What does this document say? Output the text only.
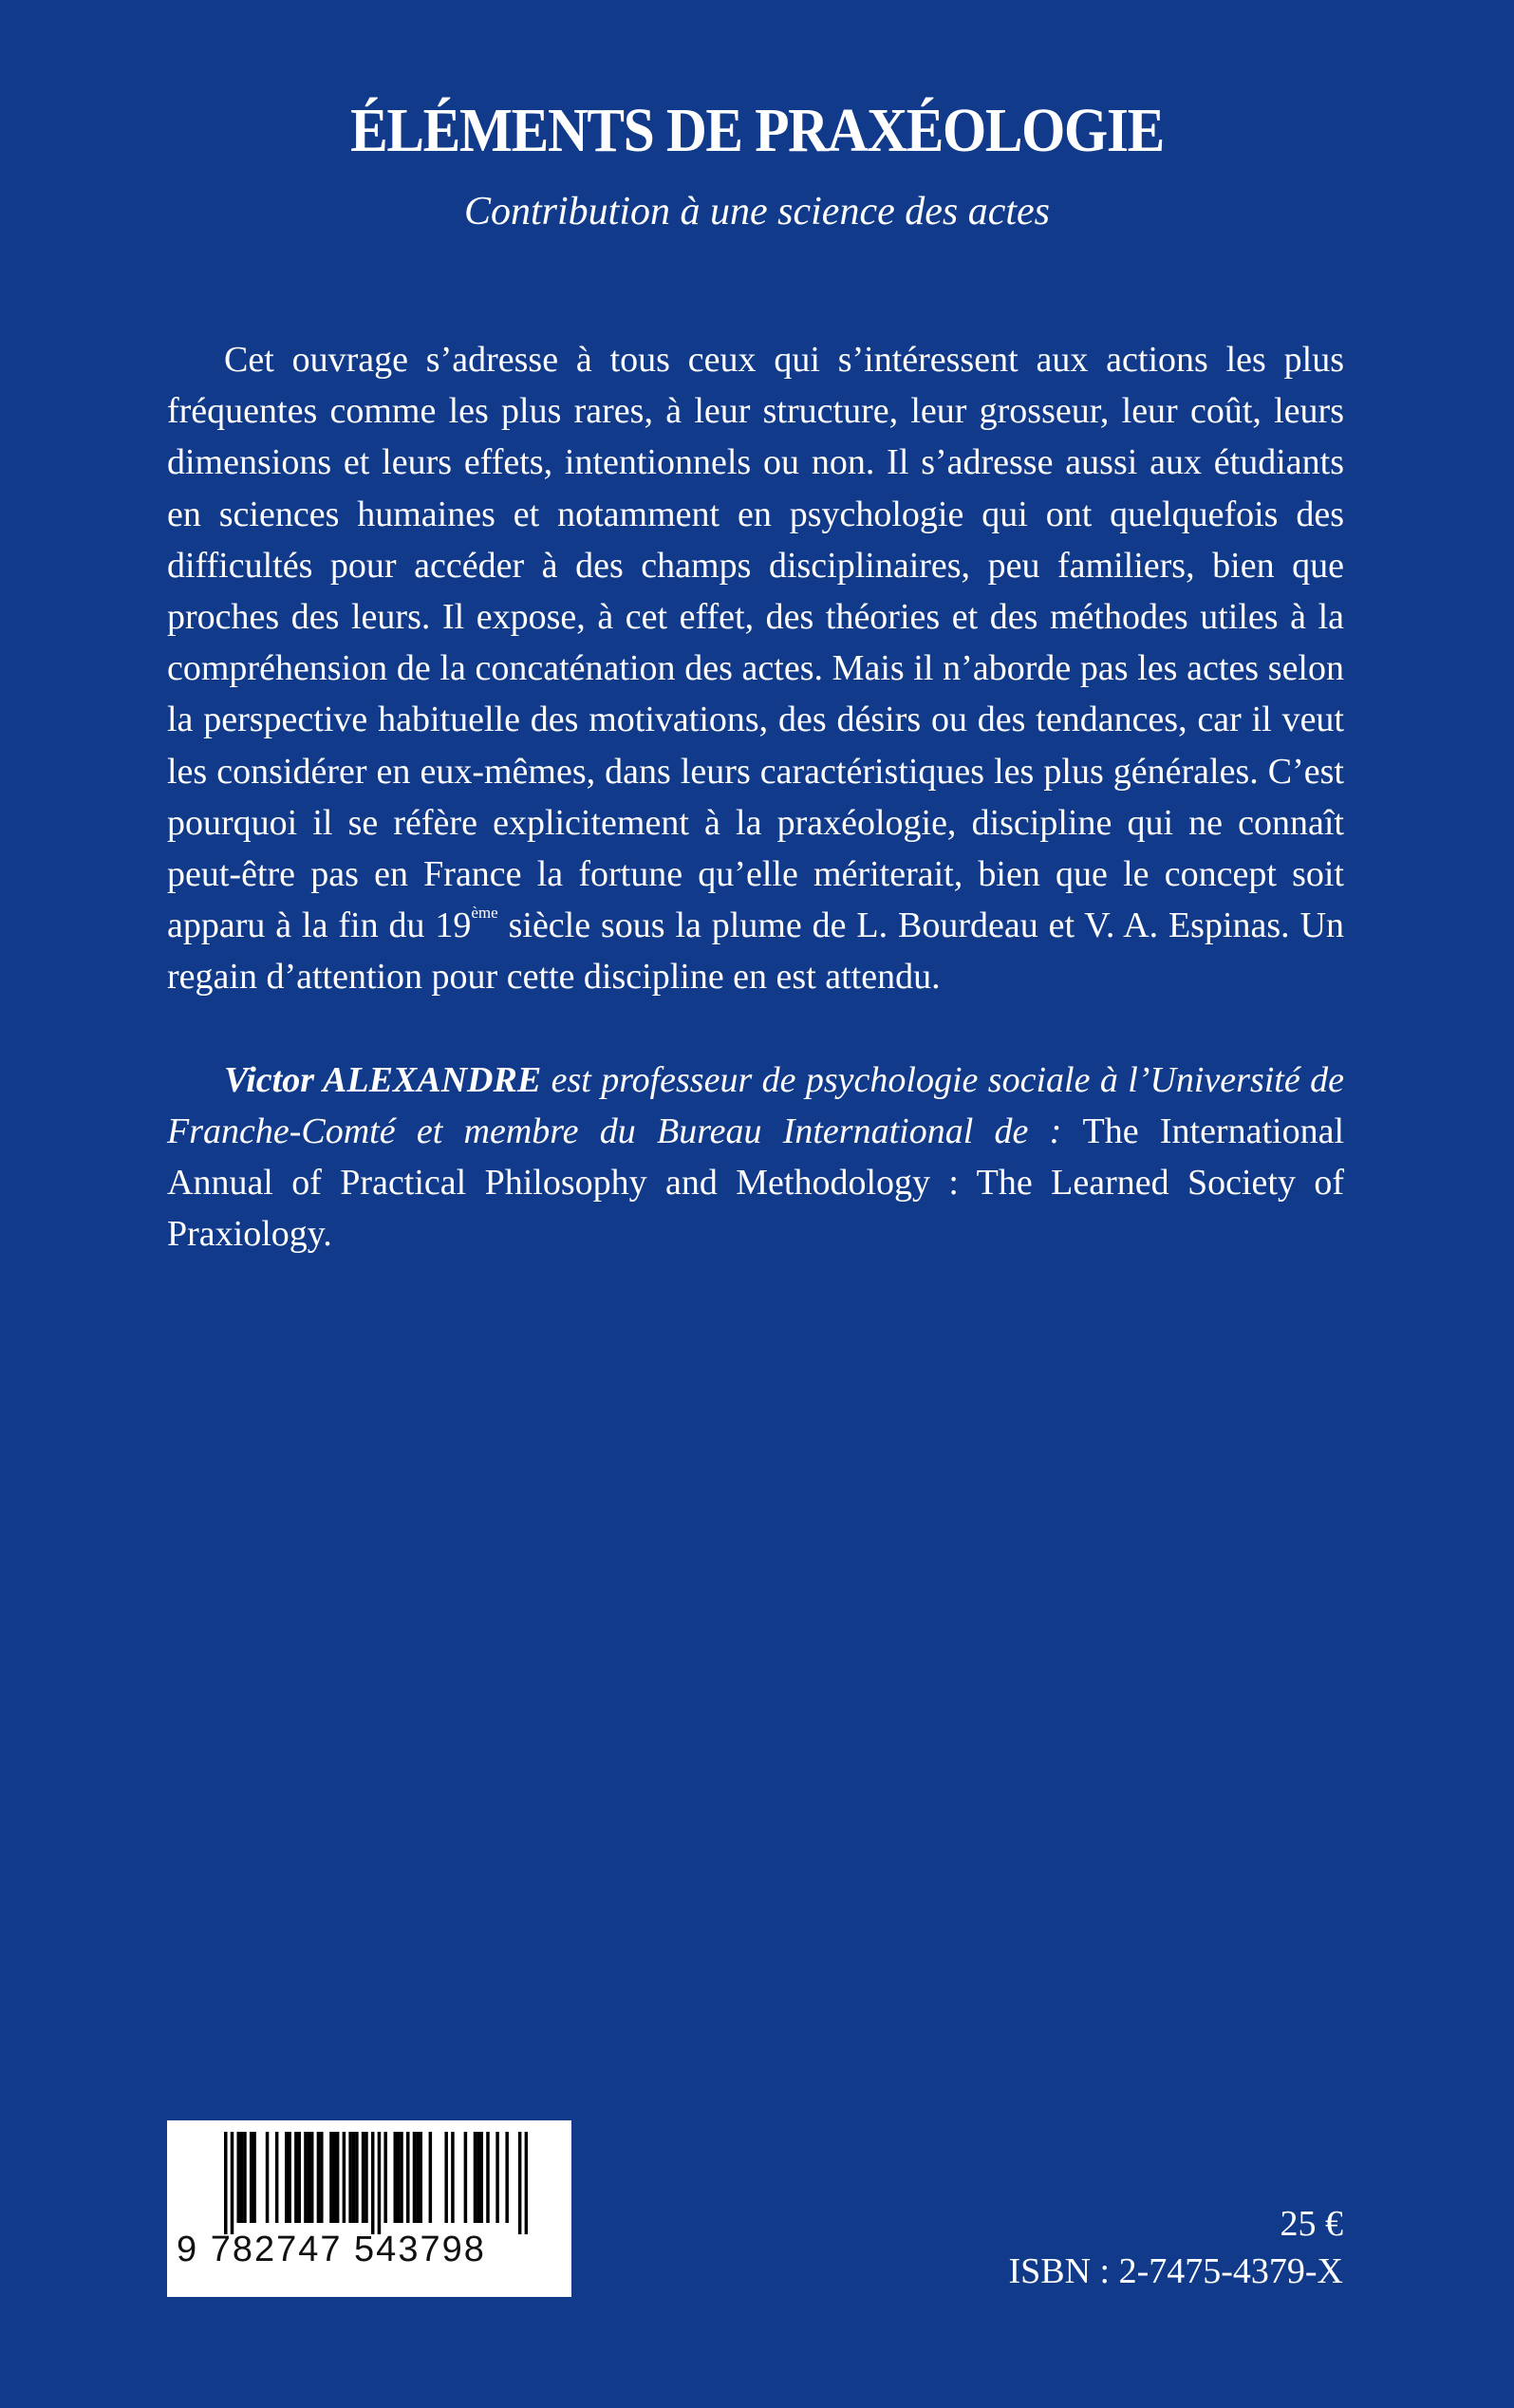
ÉLÉMENTS DE PRAXÉOLOGIE
Contribution à une science des actes

Cet ouvrage s’adresse à tous ceux qui s’intéressent aux actions les plus fréquentes comme les plus rares, à leur structure, leur grosseur, leur coût, leurs dimensions et leurs effets, intentionnels ou non. Il s’adresse aussi aux étudiants en sciences humaines et notamment en psychologie qui ont quelquefois des difficultés pour accéder à des champs disciplinaires, peu familiers, bien que proches des leurs. Il expose, à cet effet, des théories et des méthodes utiles à la compréhension de la concaténation des actes. Mais il n’aborde pas les actes selon la perspective habituelle des motivations, des désirs ou des tendances, car il veut les considérer en eux-mêmes, dans leurs caractéristiques les plus générales. C’est pourquoi il se réfère explicitement à la praxéologie, discipline qui ne connaît peut-être pas en France la fortune qu’elle mériterait, bien que le concept soit apparu à la fin du 19ème siècle sous la plume de L. Bourdeau et V. A. Espinas. Un regain d’attention pour cette discipline en est attendu.

Victor ALEXANDRE est professeur de psychologie sociale à l’Université de Franche-Comté et membre du Bureau International de : The International Annual of Practical Philosophy and Methodology : The Learned Society of Praxiology.

9 782747 543798
25 €
ISBN : 2-7475-4379-X
